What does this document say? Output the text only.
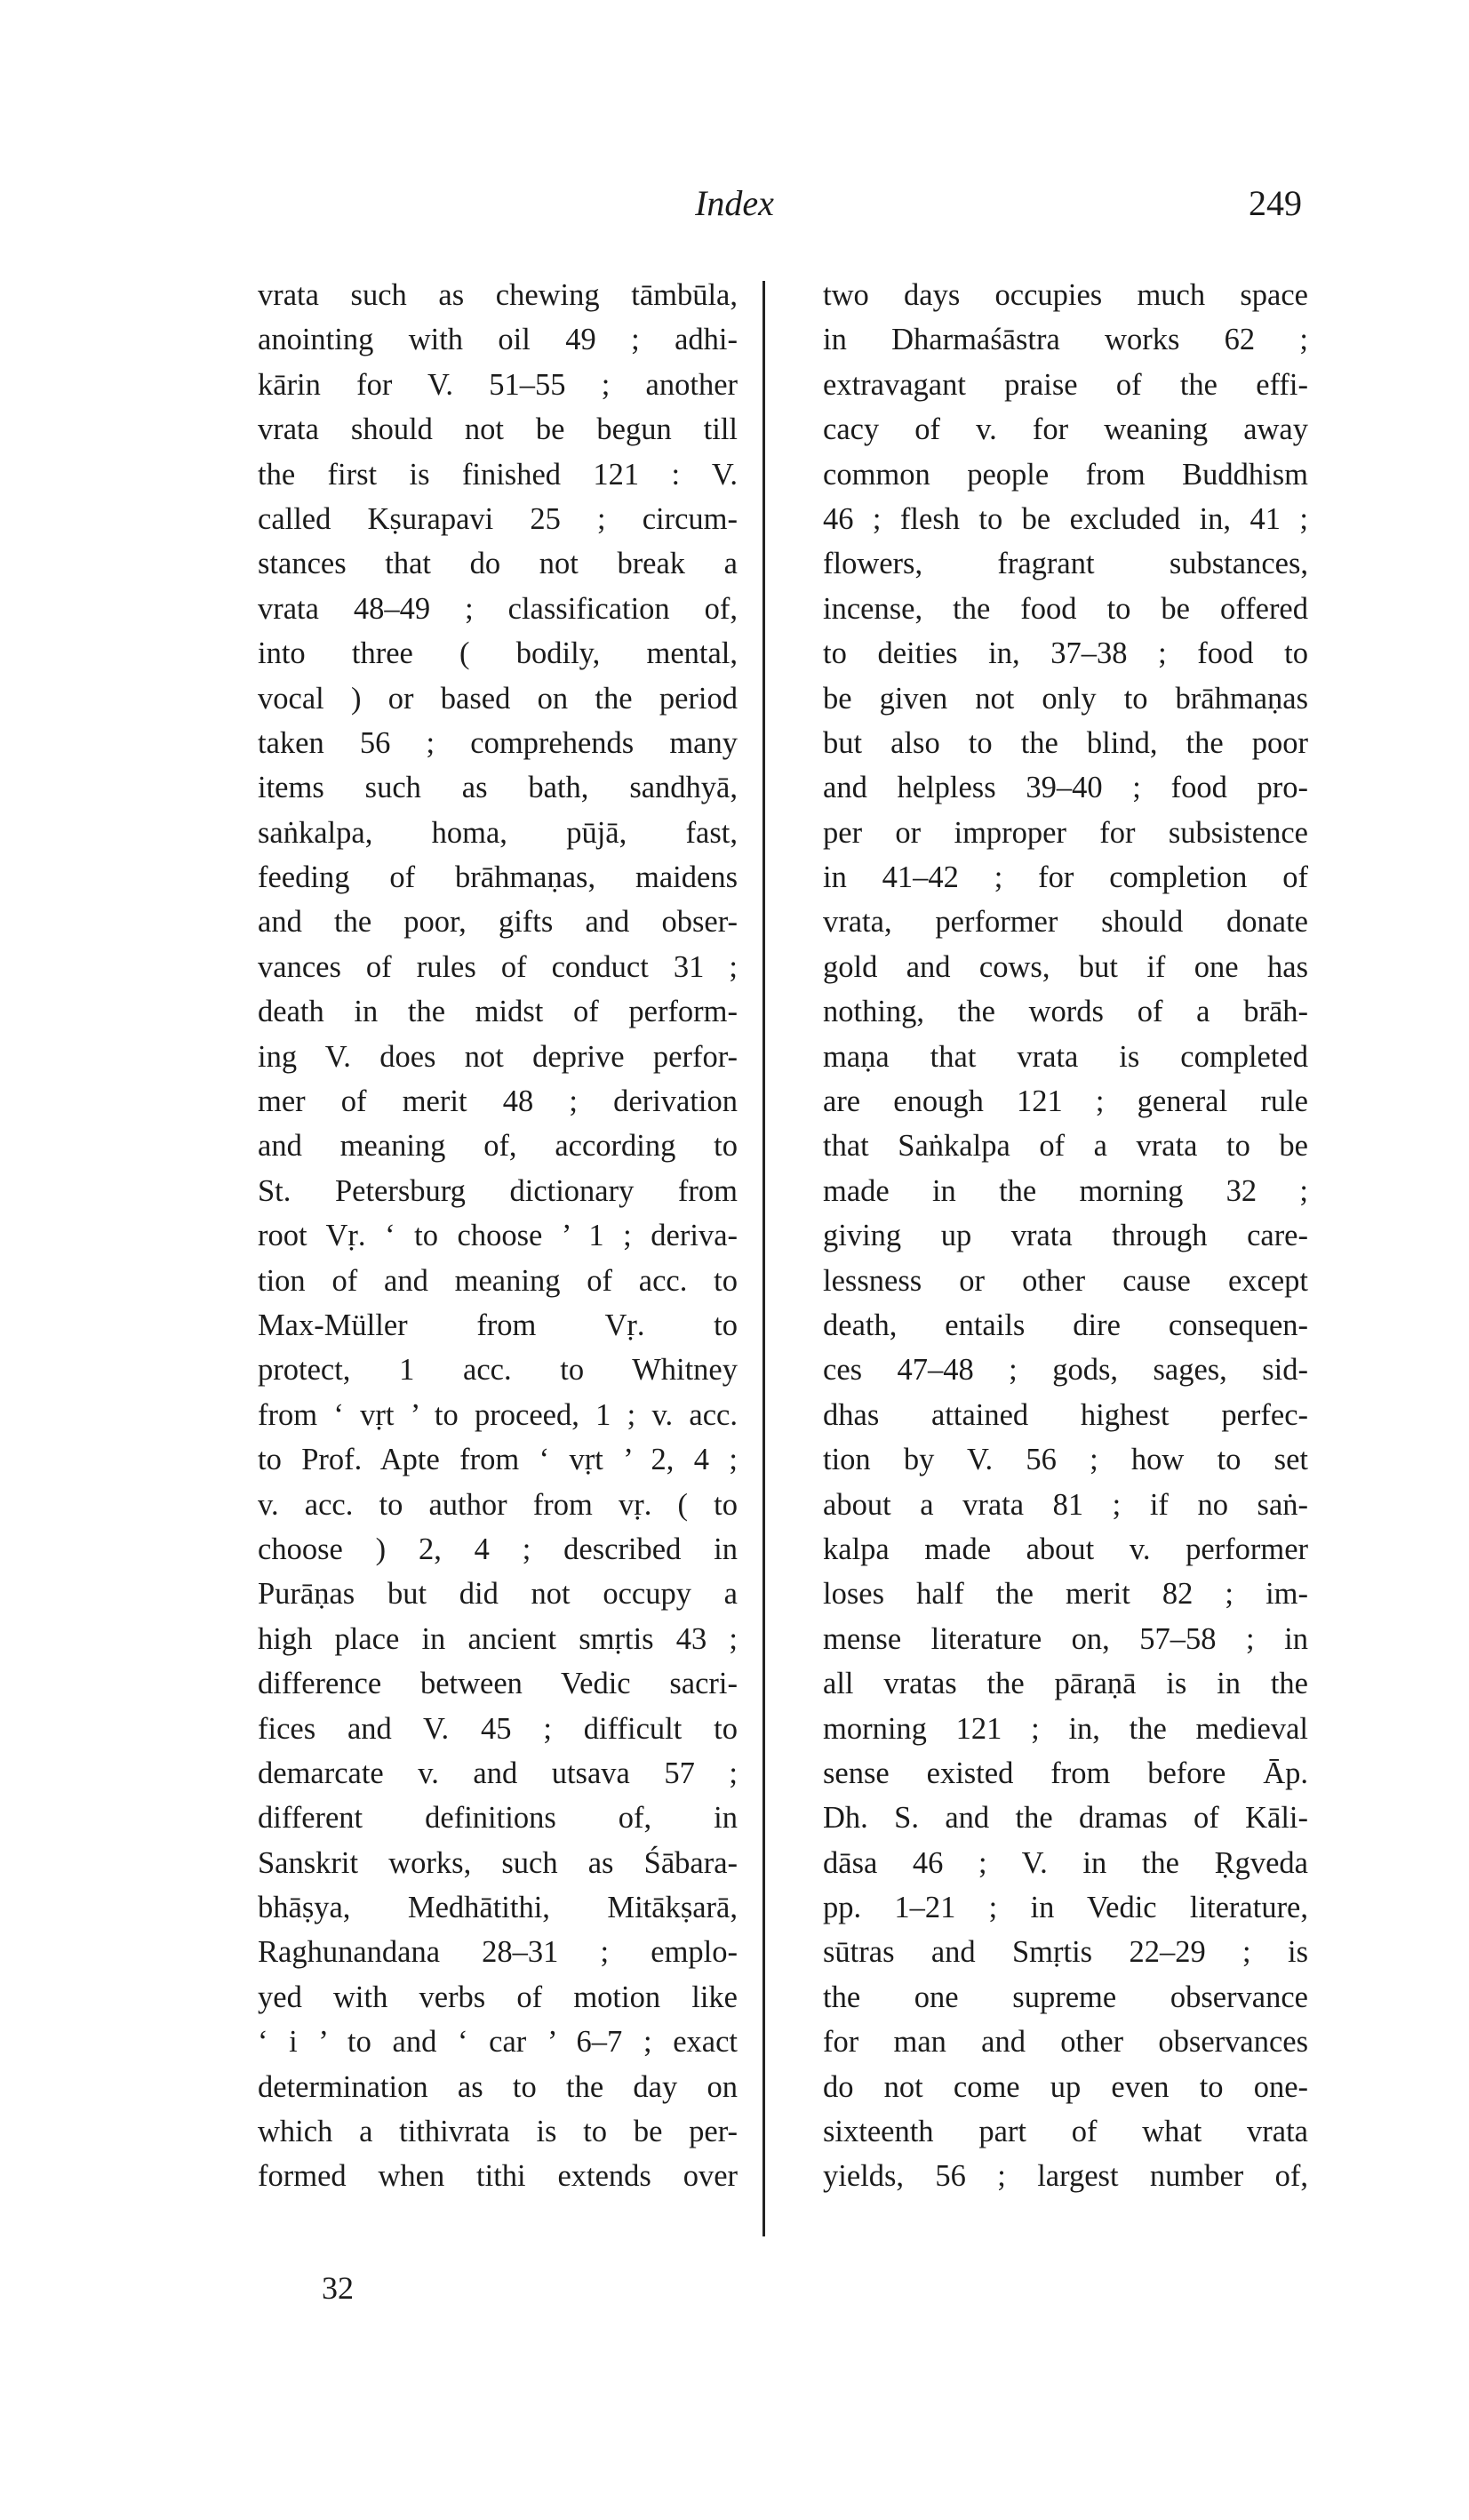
Index	249
vrata such as chewing tāmbūla,
anointing with oil 49 ; adhi-
kārin for V. 51–55 ; another
vrata should not be begun till
the first is finished 121 : V.
called Kṣurapavi 25 ; circum-
stances that do not break a
vrata 48–49 ; classification of,
into three ( bodily, mental,
vocal ) or based on the period
taken 56 ; comprehends many
items such as bath, sandhyā,
saṅkalpa, homa, pūjā, fast,
feeding of brāhmaṇas, maidens
and the poor, gifts and obser-
vances of rules of conduct 31 ;
death in the midst of perform-
ing V. does not deprive perfor-
mer of merit 48 ; derivation
and meaning of, according to
St. Petersburg dictionary from
root Vṛ. ‘ to choose ’ 1 ; deriva-
tion of and meaning of acc. to
Max-Müller from Vṛ. to
protect, 1 acc. to Whitney
from ‘ vṛt ’ to proceed, 1 ; v. acc.
to Prof. Apte from ‘ vṛt ’ 2, 4 ;
v. acc. to author from vṛ. ( to
choose ) 2, 4 ; described in
Purāṇas but did not occupy a
high place in ancient smṛtis 43 ;
difference between Vedic sacri-
fices and V. 45 ; difficult to
demarcate v. and utsava 57 ;
different definitions of, in
Sanskrit works, such as Śābara-
bhāṣya, Medhātithi, Mitākṣarā,
Raghunandana 28–31 ; emplo-
yed with verbs of motion like
‘ i ’ to and ‘ car ’ 6–7 ; exact
determination as to the day on
which a tithivrata is to be per-
formed when tithi extends over
two days occupies much space
in Dharmaśāstra works 62 ;
extravagant praise of the effi-
cacy of v. for weaning away
common people from Buddhism
46 ; flesh to be excluded in, 41 ;
flowers, fragrant substances,
incense, the food to be offered
to deities in, 37–38 ; food to
be given not only to brāhmaṇas
but also to the blind, the poor
and helpless 39–40 ; food pro-
per or improper for subsistence
in 41–42 ; for completion of
vrata, performer should donate
gold and cows, but if one has
nothing, the words of a brāh-
maṇa that vrata is completed
are enough 121 ; general rule
that Saṅkalpa of a vrata to be
made in the morning 32 ;
giving up vrata through care-
lessness or other cause except
death, entails dire consequen-
ces 47–48 ; gods, sages, sid-
dhas attained highest perfec-
tion by V. 56 ; how to set
about a vrata 81 ; if no saṅ-
kalpa made about v. performer
loses half the merit 82 ; im-
mense literature on, 57–58 ; in
all vratas the pāraṇā is in the
morning 121 ; in, the medieval
sense existed from before Āp.
Dh. S. and the dramas of Kāli-
dāsa 46 ; V. in the Ṛgveda
pp. 1–21 ; in Vedic literature,
sūtras and Smṛtis 22–29 ; is
the one supreme observance
for man and other observances
do not come up even to one-
sixteenth part of what vrata
yields, 56 ; largest number of,
32
